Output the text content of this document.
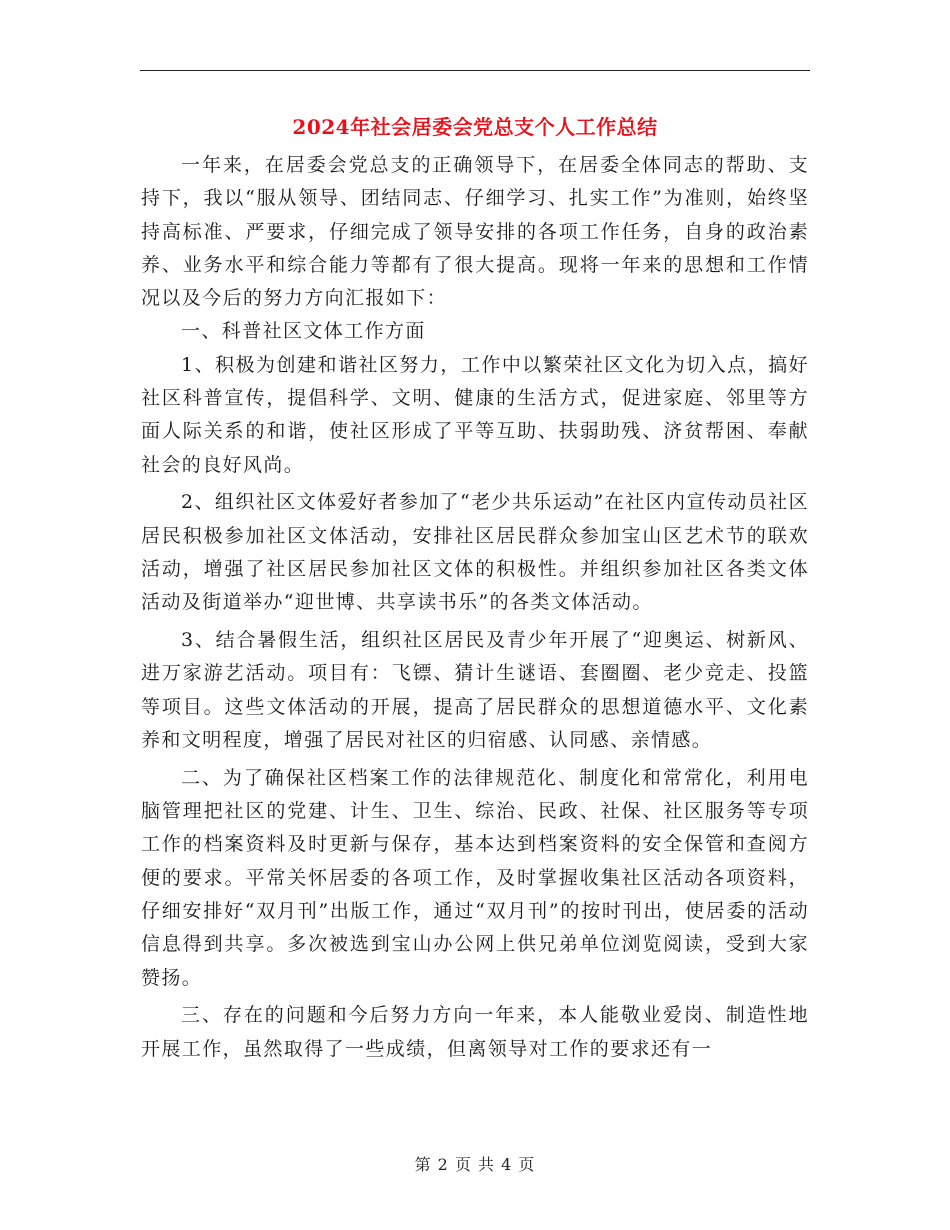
2024年社会居委会党总支个人工作总结

一年来，在居委会党总支的正确领导下，在居委全体同志的帮助、支持下，我以“服从领导、团结同志、仔细学习、扎实工作”为准则，始终坚持高标准、严要求，仔细完成了领导安排的各项工作任务，自身的政治素养、业务水平和综合能力等都有了很大提高。现将一年来的思想和工作情况以及今后的努力方向汇报如下：

一、科普社区文体工作方面

1、积极为创建和谐社区努力，工作中以繁荣社区文化为切入点，搞好社区科普宣传，提倡科学、文明、健康的生活方式，促进家庭、邻里等方面人际关系的和谐，使社区形成了平等互助、扶弱助残、济贫帮困、奉献社会的良好风尚。

2、组织社区文体爱好者参加了“老少共乐运动”在社区内宣传动员社区居民积极参加社区文体活动，安排社区居民群众参加宝山区艺术节的联欢活动，增强了社区居民参加社区文体的积极性。并组织参加社区各类文体活动及街道举办“迎世博、共享读书乐”的各类文体活动。

3、结合暑假生活，组织社区居民及青少年开展了“迎奥运、树新风、进万家游艺活动。项目有：飞镖、猜计生谜语、套圈圈、老少竞走、投篮等项目。这些文体活动的开展，提高了居民群众的思想道德水平、文化素养和文明程度，增强了居民对社区的归宿感、认同感、亲情感。

二、为了确保社区档案工作的法律规范化、制度化和常常化，利用电脑管理把社区的党建、计生、卫生、综治、民政、社保、社区服务等专项工作的档案资料及时更新与保存，基本达到档案资料的安全保管和查阅方便的要求。平常关怀居委的各项工作，及时掌握收集社区活动各项资料，仔细安排好“双月刊”出版工作，通过“双月刊”的按时刊出，使居委的活动信息得到共享。多次被选到宝山办公网上供兄弟单位浏览阅读，受到大家赞扬。

三、存在的问题和今后努力方向一年来，本人能敬业爱岗、制造性地开展工作，虽然取得了一些成绩，但离领导对工作的要求还有一

第 2 页 共 4 页
